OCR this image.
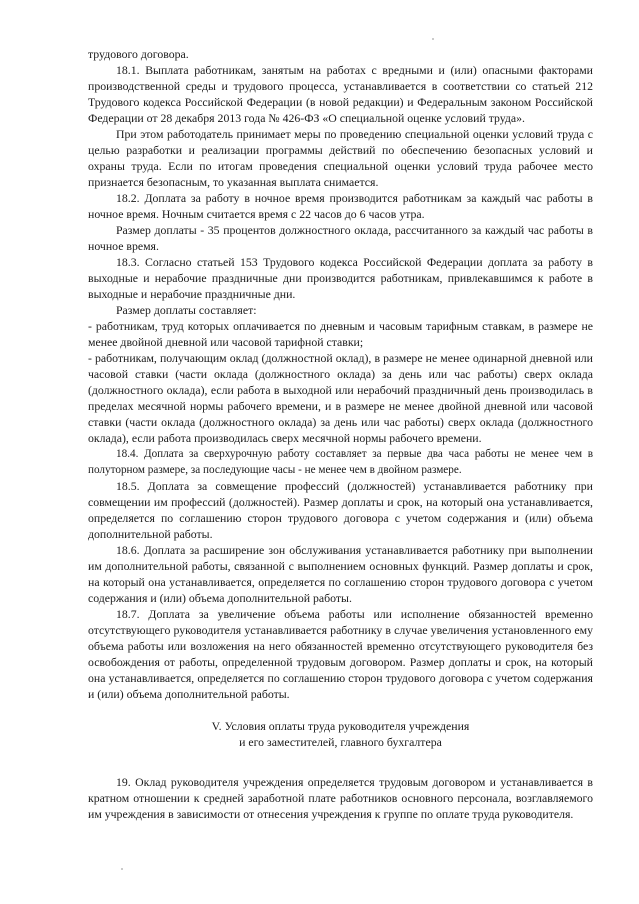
трудового договора.

18.1. Выплата работникам, занятым на работах с вредными и (или) опасными факторами производственной среды и трудового процесса, устанавливается в соответствии со статьей 212 Трудового кодекса Российской Федерации (в новой редакции) и Федеральным законом Российской Федерации от 28 декабря 2013 года № 426-ФЗ «О специальной оценке условий труда».

При этом работодатель принимает меры по проведению специальной оценки условий труда с целью разработки и реализации программы действий по обеспечению безопасных условий и охраны труда. Если по итогам проведения специальной оценки условий труда рабочее место признается безопасным, то указанная выплата снимается.

18.2. Доплата за работу в ночное время производится работникам за каждый час работы в ночное время. Ночным считается время с 22 часов до 6 часов утра.

Размер доплаты - 35 процентов должностного оклада, рассчитанного за каждый час работы в ночное время.

18.3. Согласно статьей 153 Трудового кодекса Российской Федерации доплата за работу в выходные и нерабочие праздничные дни производится работникам, привлекавшимся к работе в выходные и нерабочие праздничные дни.

Размер доплаты составляет:

- работникам, труд которых оплачивается по дневным и часовым тарифным ставкам, в размере не менее двойной дневной или часовой тарифной ставки;

- работникам, получающим оклад (должностной оклад), в размере не менее одинарной дневной или часовой ставки (части оклада (должностного оклада) за день или час работы) сверх оклада (должностного оклада), если работа в выходной или нерабочий праздничный день производилась в пределах месячной нормы рабочего времени, и в размере не менее двойной дневной или часовой ставки (части оклада (должностного оклада) за день или час работы) сверх оклада (должностного оклада), если работа производилась сверх месячной нормы рабочего времени.

18.4. Доплата за сверхурочную работу составляет за первые два часа работы не менее чем в полуторном размере, за последующие часы - не менее чем в двойном размере.

18.5. Доплата за совмещение профессий (должностей) устанавливается работнику при совмещении им профессий (должностей). Размер доплаты и срок, на который она устанавливается, определяется по соглашению сторон трудового договора с учетом содержания и (или) объема дополнительной работы.

18.6. Доплата за расширение зон обслуживания устанавливается работнику при выполнении им дополнительной работы, связанной с выполнением основных функций. Размер доплаты и срок, на который она устанавливается, определяется по соглашению сторон трудового договора с учетом содержания и (или) объема дополнительной работы.

18.7. Доплата за увеличение объема работы или исполнение обязанностей временно отсутствующего руководителя устанавливается работнику в случае увеличения установленного ему объема работы или возложения на него обязанностей временно отсутствующего руководителя без освобождения от работы, определенной трудовым договором. Размер доплаты и срок, на который она устанавливается, определяется по соглашению сторон трудового договора с учетом содержания и (или) объема дополнительной работы.

V. Условия оплаты труда руководителя учреждения
и его заместителей, главного бухгалтера

19. Оклад руководителя учреждения определяется трудовым договором и устанавливается в кратном отношении к средней заработной плате работников основного персонала, возглавляемого им учреждения в зависимости от отнесения учреждения к группе по оплате труда руководителя.
